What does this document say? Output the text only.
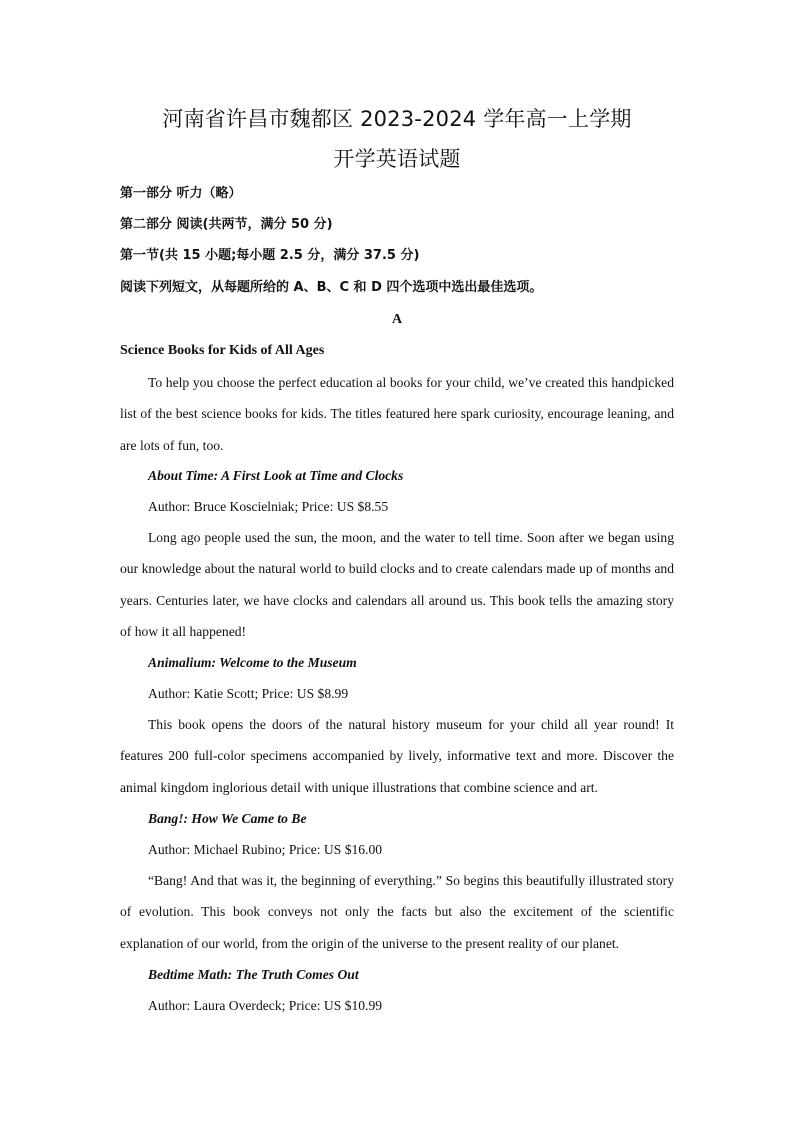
河南省许昌市魏都区 2023-2024 学年高一上学期
开学英语试题
第一部分 听力（略）
第二部分 阅读(共两节，满分 50 分)
第一节(共 15 小题;每小题 2.5 分，满分 37.5 分)
阅读下列短文，从每题所给的 A、B、C 和 D 四个选项中选出最佳选项。
A
Science Books for Kids of All Ages

To help you choose the perfect education al books for your child, we’ve created this handpicked list of the best science books for kids. The titles featured here spark curiosity, encourage leaning, and are lots of fun, too.

About Time: A First Look at Time and Clocks
Author: Bruce Koscielniak; Price: US $8.55

Long ago people used the sun, the moon, and the water to tell time. Soon after we began using our knowledge about the natural world to build clocks and to create calendars made up of months and years. Centuries later, we have clocks and calendars all around us. This book tells the amazing story of how it all happened!

Animalium: Welcome to the Museum
Author: Katie Scott; Price: US $8.99

This book opens the doors of the natural history museum for your child all year round! It features 200 full-color specimens accompanied by lively, informative text and more. Discover the animal kingdom inglorious detail with unique illustrations that combine science and art.

Bang!: How We Came to Be
Author: Michael Rubino; Price: US $16.00

“Bang! And that was it, the beginning of everything.” So begins this beautifully illustrated story of evolution. This book conveys not only the facts but also the excitement of the scientific explanation of our world, from the origin of the universe to the present reality of our planet.

Bedtime Math: The Truth Comes Out
Author: Laura Overdeck; Price: US $10.99
